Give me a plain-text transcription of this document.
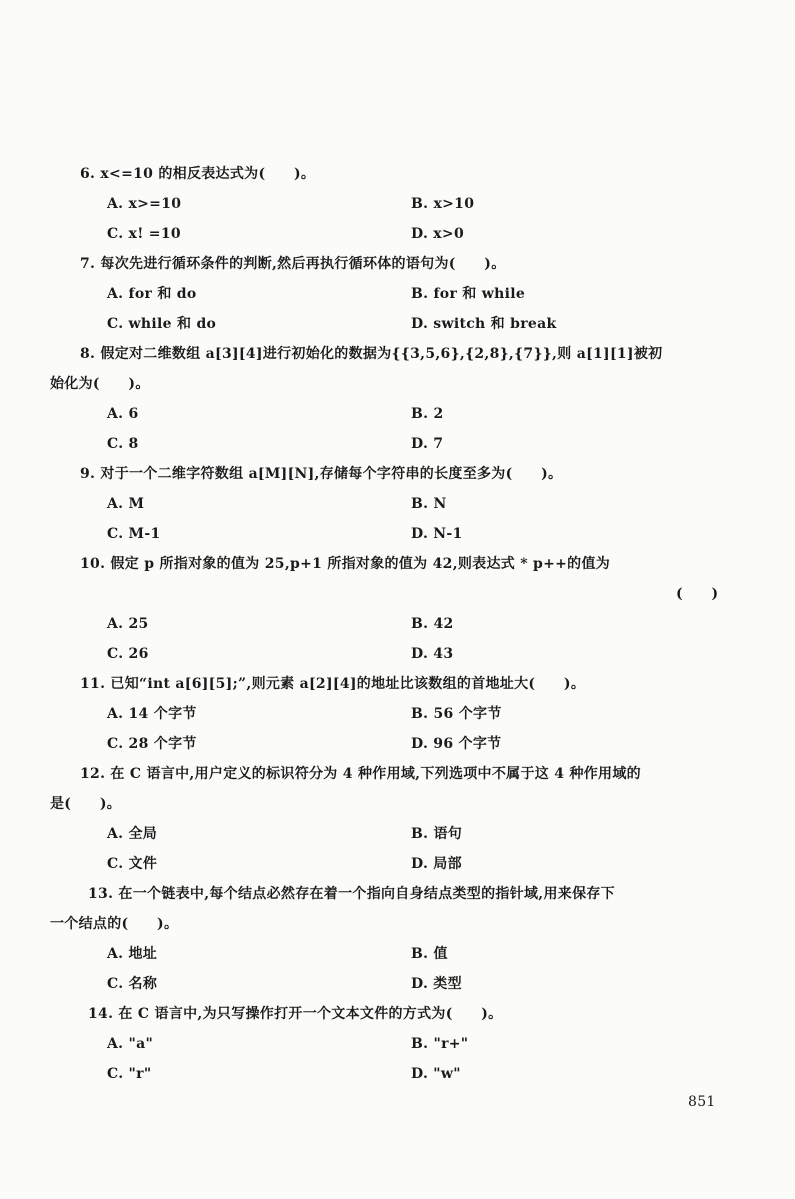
6. x<=10 的相反表达式为(　　)。
A. x>=10	B. x>10
C. x! =10	D. x>0
7. 每次先进行循环条件的判断,然后再执行循环体的语句为(　　)。
A. for 和 do	B. for 和 while
C. while 和 do	D. switch 和 break
8. 假定对二维数组 a[3][4]进行初始化的数据为{{3,5,6},{2,8},{7}},则 a[1][1]被初
始化为(　　)。
A. 6	B. 2
C. 8	D. 7
9. 对于一个二维字符数组 a[M][N],存储每个字符串的长度至多为(　　)。
A. M	B. N
C. M-1	D. N-1
10. 假定 p 所指对象的值为 25,p+1 所指对象的值为 42,则表达式 * p++的值为
(　　)
A. 25	B. 42
C. 26	D. 43
11. 已知“int a[6][5];”,则元素 a[2][4]的地址比该数组的首地址大(　　)。
A. 14 个字节	B. 56 个字节
C. 28 个字节	D. 96 个字节
12. 在 C 语言中,用户定义的标识符分为 4 种作用域,下列选项中不属于这 4 种作用域的
是(　　)。
A. 全局	B. 语句
C. 文件	D. 局部
13. 在一个链表中,每个结点必然存在着一个指向自身结点类型的指针域,用来保存下
一个结点的(　　)。
A. 地址	B. 值
C. 名称	D. 类型
14. 在 C 语言中,为只写操作打开一个文本文件的方式为(　　)。
A. "a"	B. "r+"
C. "r"	D. "w"
851
